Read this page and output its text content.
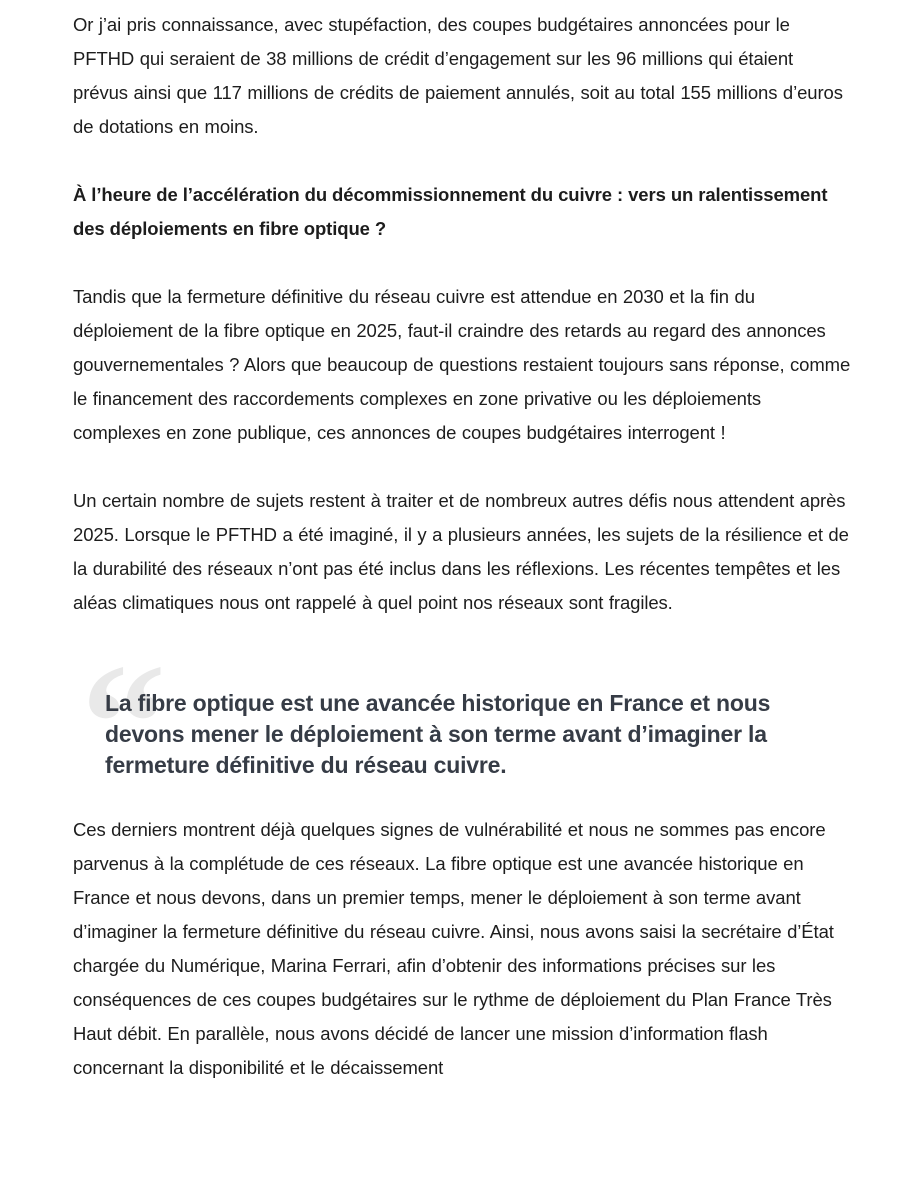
Or j’ai pris connaissance, avec stupéfaction, des coupes budgétaires annoncées pour le PFTHD qui seraient de 38 millions de crédit d’engagement sur les 96 millions qui étaient prévus ainsi que 117 millions de crédits de paiement annulés, soit au total 155 millions d’euros de dotations en moins.

À l’heure de l’accélération du décommissionnement du cuivre : vers un ralentissement des déploiements en fibre optique ?

Tandis que la fermeture définitive du réseau cuivre est attendue en 2030 et la fin du déploiement de la fibre optique en 2025, faut-il craindre des retards au regard des annonces gouvernementales ? Alors que beaucoup de questions restaient toujours sans réponse, comme le financement des raccordements complexes en zone privative ou les déploiements complexes en zone publique, ces annonces de coupes budgétaires interrogent !

Un certain nombre de sujets restent à traiter et de nombreux autres défis nous attendent après 2025. Lorsque le PFTHD a été imaginé, il y a plusieurs années, les sujets de la résilience et de la durabilité des réseaux n’ont pas été inclus dans les réflexions. Les récentes tempêtes et les aléas climatiques nous ont rappelé à quel point nos réseaux sont fragiles.

“

La fibre optique est une avancée historique en France et nous devons mener le déploiement à son terme avant d’imaginer la fermeture définitive du réseau cuivre.

Ces derniers montrent déjà quelques signes de vulnérabilité et nous ne sommes pas encore parvenus à la complétude de ces réseaux. La fibre optique est une avancée historique en France et nous devons, dans un premier temps, mener le déploiement à son terme avant d’imaginer la fermeture définitive du réseau cuivre. Ainsi, nous avons saisi la secrétaire d’État chargée du Numérique, Marina Ferrari, afin d’obtenir des informations précises sur les conséquences de ces coupes budgétaires sur le rythme de déploiement du Plan France Très Haut débit. En parallèle, nous avons décidé de lancer une mission d’information flash concernant la disponibilité et le décaissement
